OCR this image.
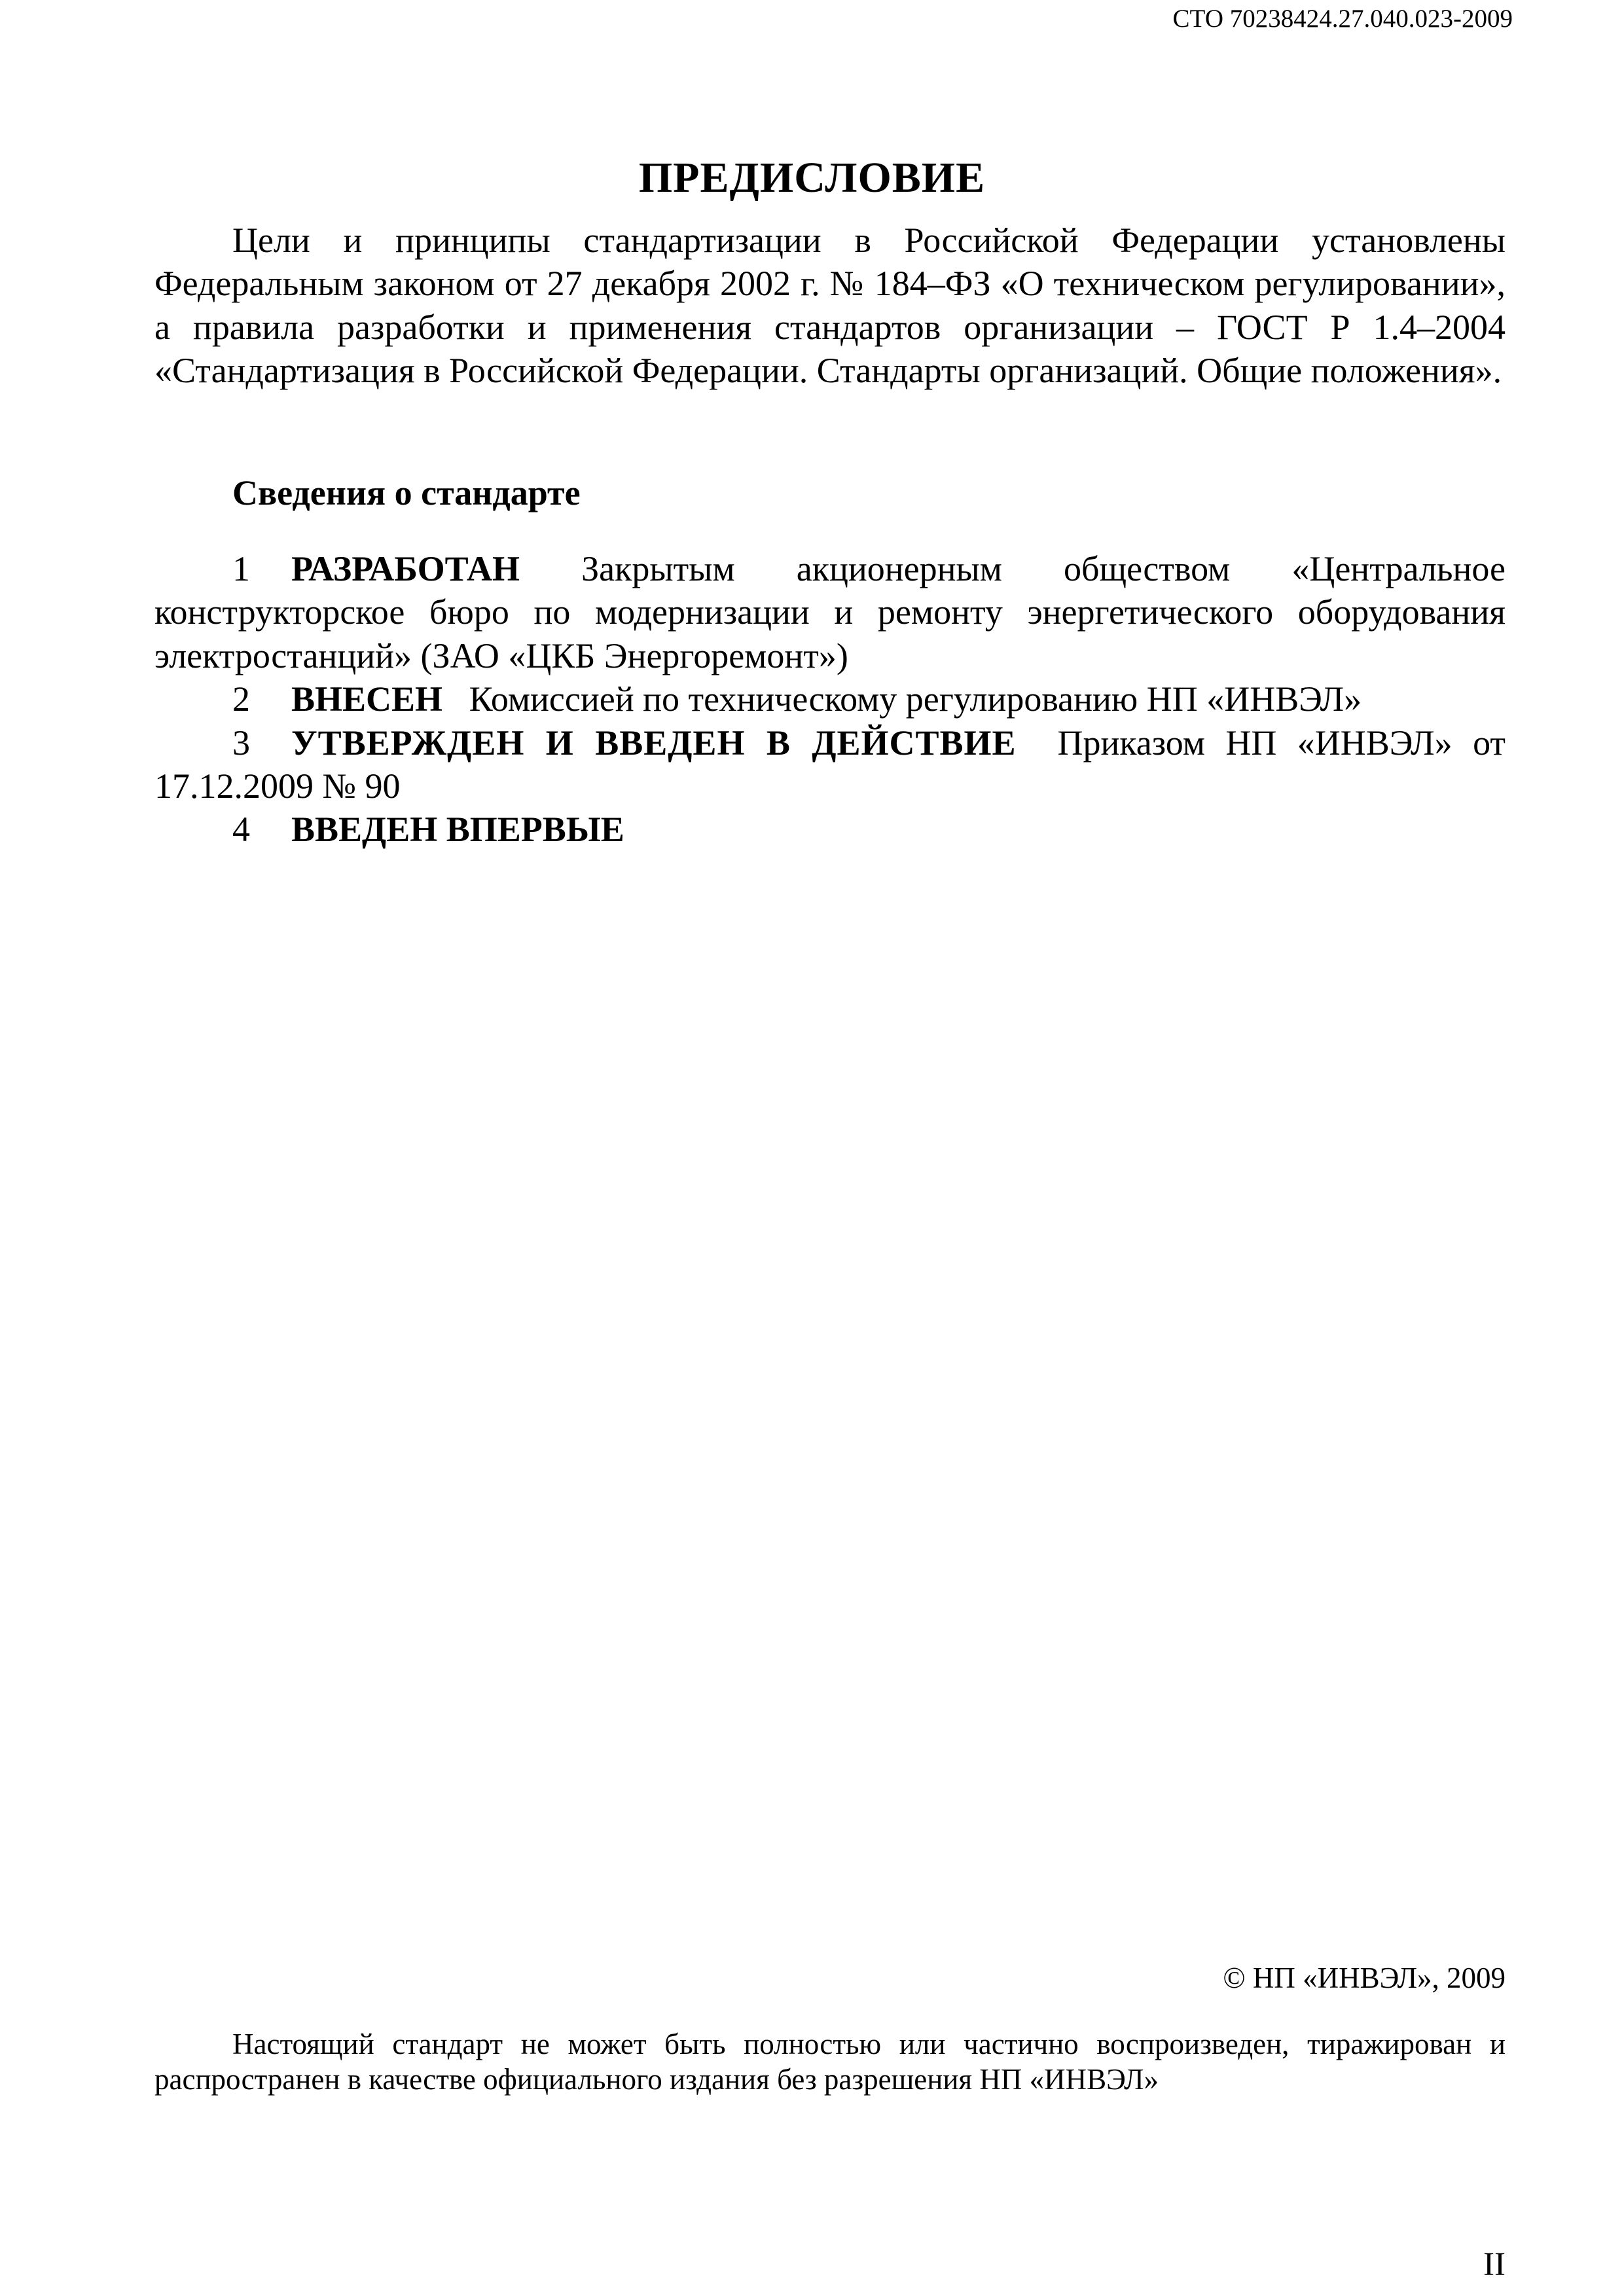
СТО 70238424.27.040.023-2009
ПРЕДИСЛОВИЕ

Цели и принципы стандартизации в Российской Федерации установлены Федеральным законом от 27 декабря 2002 г. № 184–ФЗ «О техническом регулировании», а правила разработки и применения стандартов организации – ГОСТ Р 1.4–2004 «Стандартизация в Российской Федерации. Стандарты организаций. Общие положения».

Сведения о стандарте

1 РАЗРАБОТАН Закрытым акционерным обществом «Центральное конструкторское бюро по модернизации и ремонту энергетического оборудования электростанций» (ЗАО «ЦКБ Энергоремонт»)

2 ВНЕСЕН   Комиссией по техническому регулированию НП «ИНВЭЛ»

3 УТВЕРЖДЕН И ВВЕДЕН В ДЕЙСТВИЕ  Приказом НП «ИНВЭЛ» от 17.12.2009 № 90

4 ВВЕДЕН ВПЕРВЫЕ

© НП «ИНВЭЛ», 2009

Настоящий стандарт не может быть полностью или частично воспроизведен, тиражирован и распространен в качестве официального издания без разрешения НП «ИНВЭЛ»

II
